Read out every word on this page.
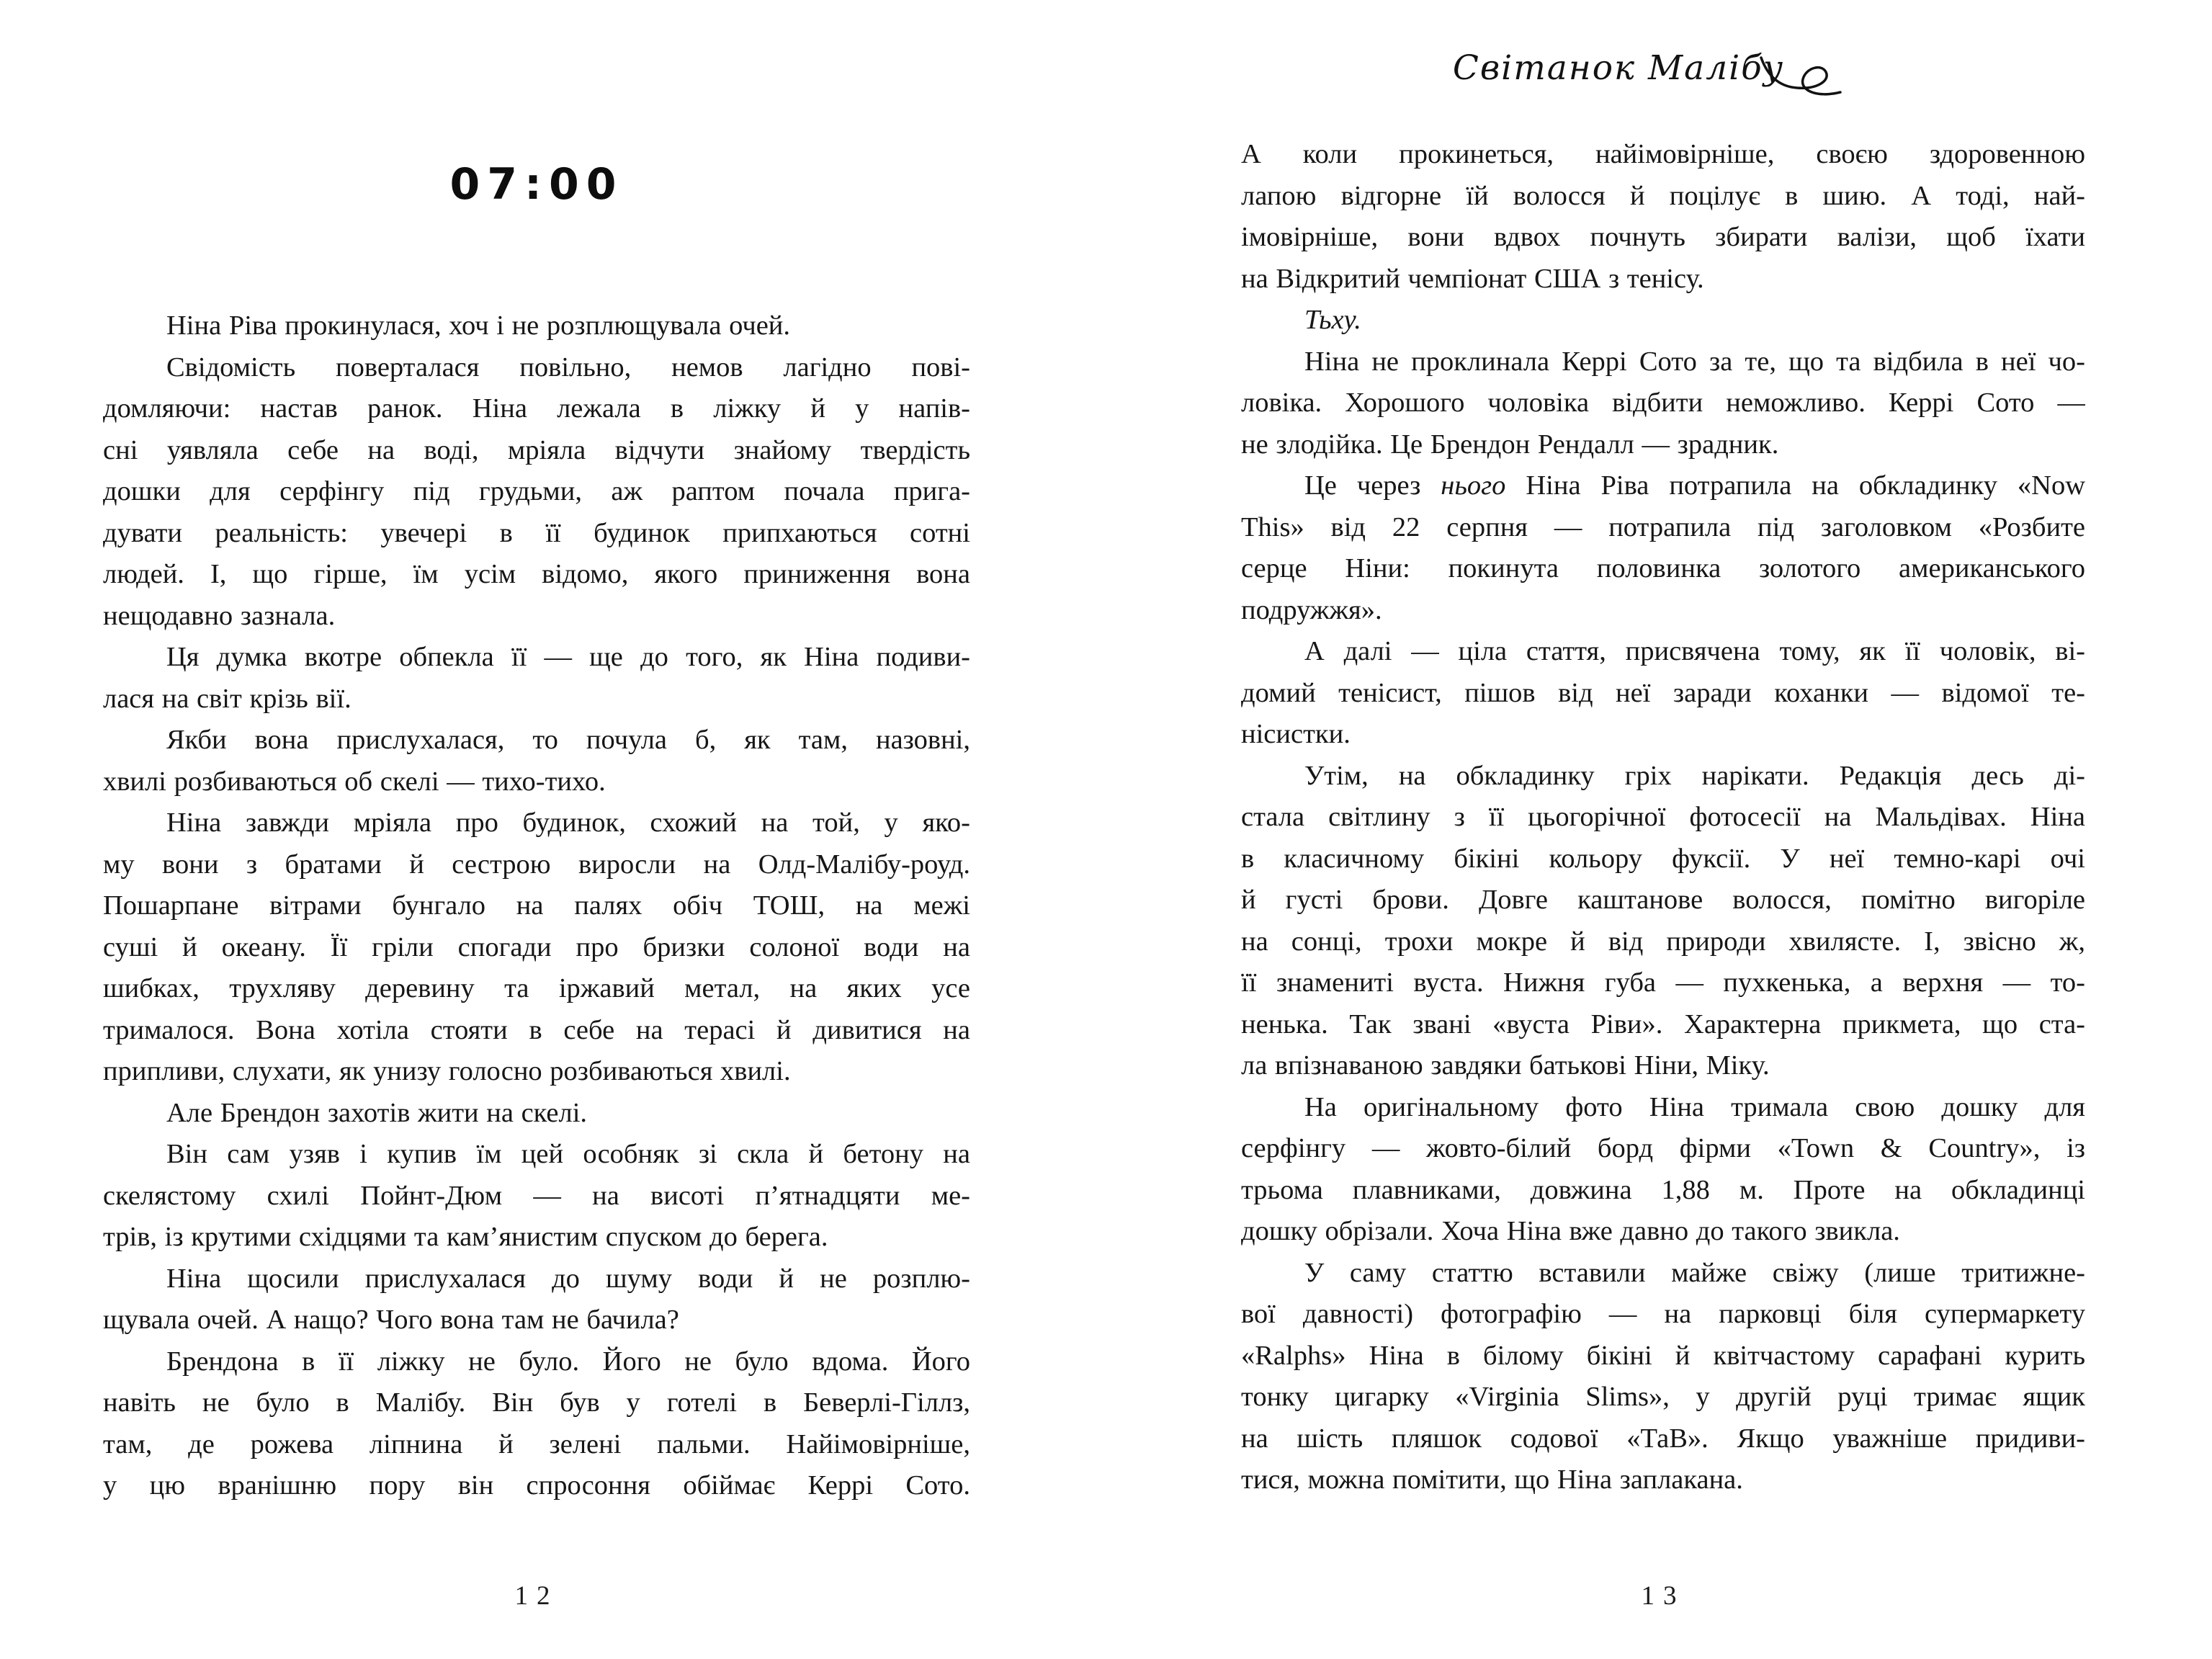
07:00
Ніна Ріва прокинулася, хоч і не розплющувала очей.
Свідомість поверталася повільно, немов лагідно пові-
домляючи: настав ранок. Ніна лежала в ліжку й у напів-
сні уявляла себе на воді, мріяла відчути знайому твердість
дошки для серфінгу під грудьми, аж раптом почала прига-
дувати реальність: увечері в її будинок припхаються сотні
людей. І, що гірше, їм усім відомо, якого приниження вона
нещодавно зазнала.
Ця думка вкотре обпекла її — ще до того, як Ніна подиви-
лася на світ крізь вії.
Якби вона прислухалася, то почула б, як там, назовні,
хвилі розбиваються об скелі — тихо-тихо.
Ніна завжди мріяла про будинок, схожий на той, у яко-
му вони з братами й сестрою виросли на Олд-Малібу-роуд.
Пошарпане вітрами бунгало на палях обіч ТОШ, на межі
суші й океану. Її гріли спогади про бризки солоної води на
шибках, трухляву деревину та іржавий метал, на яких усе
трималося. Вона хотіла стояти в себе на терасі й дивитися на
припливи, слухати, як унизу голосно розбиваються хвилі.
Але Брендон захотів жити на скелі.
Він сам узяв і купив їм цей особняк зі скла й бетону на
скелястому схилі Пойнт-Дюм — на висоті п’ятнадцяти ме-
трів, із крутими східцями та кам’янистим спуском до берега.
Ніна щосили прислухалася до шуму води й не розплю-
щувала очей. А нащо? Чого вона там не бачила?
Брендона в її ліжку не було. Його не було вдома. Його
навіть не було в Малібу. Він був у готелі в Беверлі-Гіллз,
там, де рожева ліпнина й зелені пальми. Найімовірніше,
у цю вранішню пору він спросоння обіймає Керрі Сото.
12
Світанок Малібу
А коли прокинеться, найімовірніше, своєю здоровенною
лапою відгорне їй волосся й поцілує в шию. А тоді, най-
імовірніше, вони вдвох почнуть збирати валізи, щоб їхати
на Відкритий чемпіонат США з тенісу.
Тьху.
Ніна не проклинала Керрі Сото за те, що та відбила в неї чо-
ловіка. Хорошого чоловіка відбити неможливо. Керрі Сото —
не злодійка. Це Брендон Рендалл — зрадник.
Це через нього Ніна Ріва потрапила на обкладинку «Now
This» від 22 серпня — потрапила під заголовком «Розбите
серце Ніни: покинута половинка золотого американського
подружжя».
А далі — ціла стаття, присвячена тому, як її чоловік, ві-
домий тенісист, пішов від неї заради коханки — відомої те-
нісистки.
Утім, на обкладинку гріх нарікати. Редакція десь ді-
стала світлину з її цьогорічної фотосесії на Мальдівах. Ніна
в класичному бікіні кольору фуксії. У неї темно-карі очі
й густі брови. Довге каштанове волосся, помітно вигоріле
на сонці, трохи мокре й від природи хвилясте. І, звісно ж,
її знамениті вуста. Нижня губа — пухкенька, а верхня — то-
ненька. Так звані «вуста Ріви». Характерна прикмета, що ста-
ла впізнаваною завдяки батькові Ніни, Міку.
На оригінальному фото Ніна тримала свою дошку для
серфінгу — жовто-білий борд фірми «Town & Country», із
трьома плавниками, довжина 1,88 м. Проте на обкладинці
дошку обрізали. Хоча Ніна вже давно до такого звикла.
У саму статтю вставили майже свіжу (лише тритижне-
вої давності) фотографію — на парковці біля супермаркету
«Ralphs» Ніна в білому бікіні й квітчастому сарафані курить
тонку цигарку «Virginia Slims», у другій руці тримає ящик
на шість пляшок содової «ТаВ». Якщо уважніше придиви-
тися, можна помітити, що Ніна заплакана.
13
